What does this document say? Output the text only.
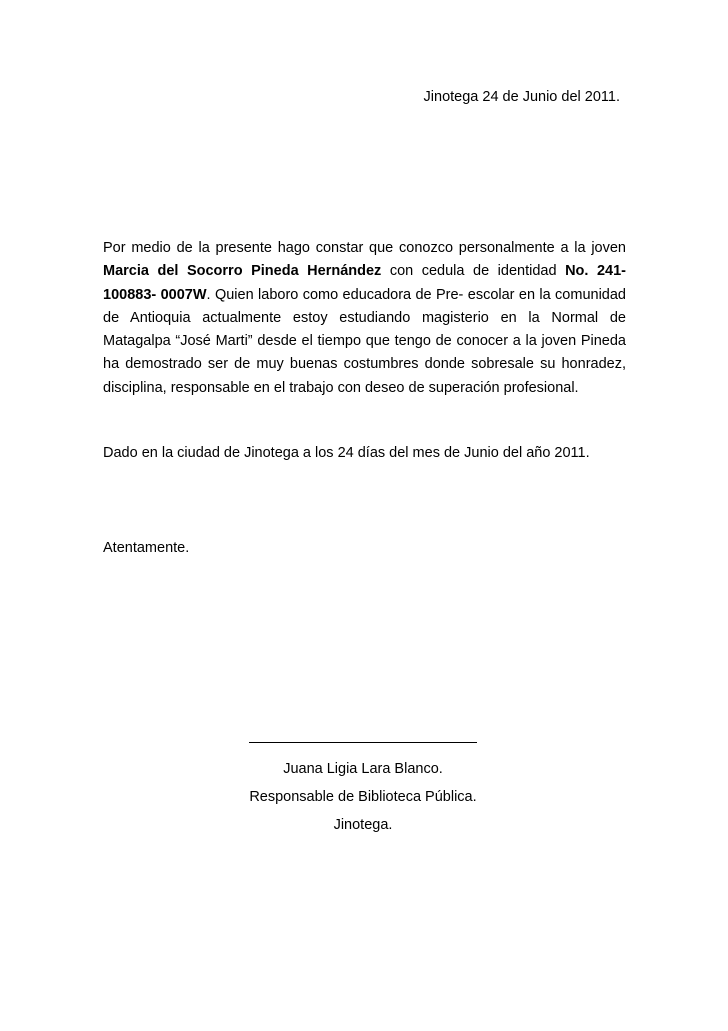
Jinotega 24 de Junio del 2011.

Por medio de la presente hago constar que conozco personalmente a la joven Marcia del Socorro Pineda Hernández con cedula de identidad No. 241-100883- 0007W. Quien laboro como educadora de Pre- escolar en la comunidad de Antioquia actualmente estoy estudiando magisterio en la Normal de Matagalpa “José Marti” desde el tiempo que tengo de conocer a la joven Pineda ha demostrado ser de muy buenas costumbres donde sobresale su honradez, disciplina, responsable en el trabajo con deseo de superación profesional.

Dado en la ciudad de Jinotega a los 24 días del mes de Junio del año 2011.

Atentamente.

Juana Ligia Lara Blanco.
Responsable de Biblioteca Pública.
Jinotega.
